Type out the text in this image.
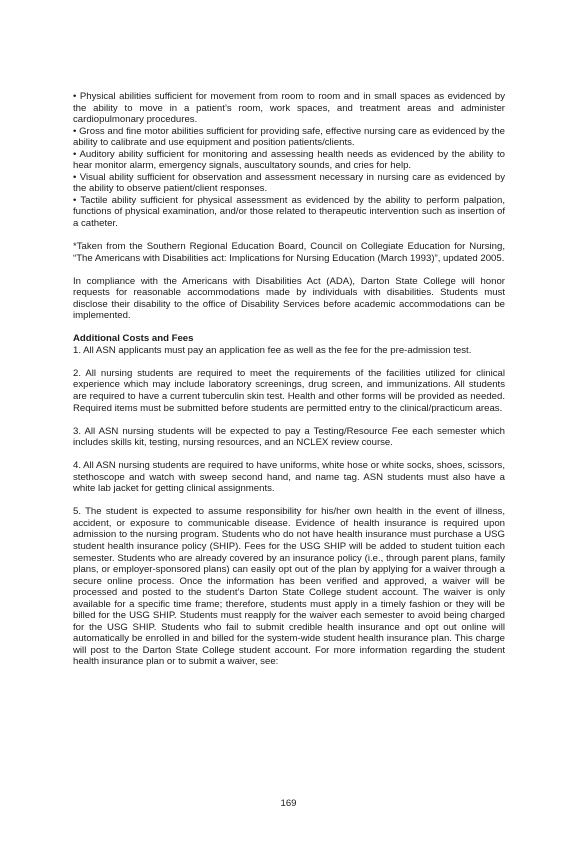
• Physical abilities sufficient for movement from room to room and in small spaces as evidenced by the ability to move in a patient’s room, work spaces, and treatment areas and administer cardiopulmonary procedures.

• Gross and fine motor abilities sufficient for providing safe, effective nursing care as evidenced by the ability to calibrate and use equipment and position patients/clients.

• Auditory ability sufficient for monitoring and assessing health needs as evidenced by the ability to hear monitor alarm, emergency signals, auscultatory sounds, and cries for help.

• Visual ability sufficient for observation and assessment necessary in nursing care as evidenced by the ability to observe patient/client responses.

• Tactile ability sufficient for physical assessment as evidenced by the ability to perform palpation, functions of physical examination, and/or those related to therapeutic intervention such as insertion of a catheter.

*Taken from the Southern Regional Education Board, Council on Collegiate Education for Nursing, “The Americans with Disabilities act: Implications for Nursing Education (March 1993)”, updated 2005.

In compliance with the Americans with Disabilities Act (ADA), Darton State College will honor requests for reasonable accommodations made by individuals with disabilities. Students must disclose their disability to the office of Disability Services before academic accommodations can be implemented.

Additional Costs and Fees

1. All ASN applicants must pay an application fee as well as the fee for the pre-admission test.

2. All nursing students are required to meet the requirements of the facilities utilized for clinical experience which may include laboratory screenings, drug screen, and immunizations. All students are required to have a current tuberculin skin test. Health and other forms will be provided as needed. Required items must be submitted before students are permitted entry to the clinical/practicum areas.

3. All ASN nursing students will be expected to pay a Testing/Resource Fee each semester which includes skills kit, testing, nursing resources, and an NCLEX review course.

4. All ASN nursing students are required to have uniforms, white hose or white socks, shoes, scissors, stethoscope and watch with sweep second hand, and name tag. ASN students must also have a white lab jacket for getting clinical assignments.

5. The student is expected to assume responsibility for his/her own health in the event of illness, accident, or exposure to communicable disease. Evidence of health insurance is required upon admission to the nursing program. Students who do not have health insurance must purchase a USG student health insurance policy (SHIP). Fees for the USG SHIP will be added to student tuition each semester. Students who are already covered by an insurance policy (i.e., through parent plans, family plans, or employer-sponsored plans) can easily opt out of the plan by applying for a waiver through a secure online process. Once the information has been verified and approved, a waiver will be processed and posted to the student’s Darton State College student account. The waiver is only available for a specific time frame; therefore, students must apply in a timely fashion or they will be billed for the USG SHIP. Students must reapply for the waiver each semester to avoid being charged for the USG SHIP. Students who fail to submit credible health insurance and opt out online will automatically be enrolled in and billed for the system-wide student health insurance plan. This charge will post to the Darton State College student account. For more information regarding the student health insurance plan or to submit a waiver, see:

169
